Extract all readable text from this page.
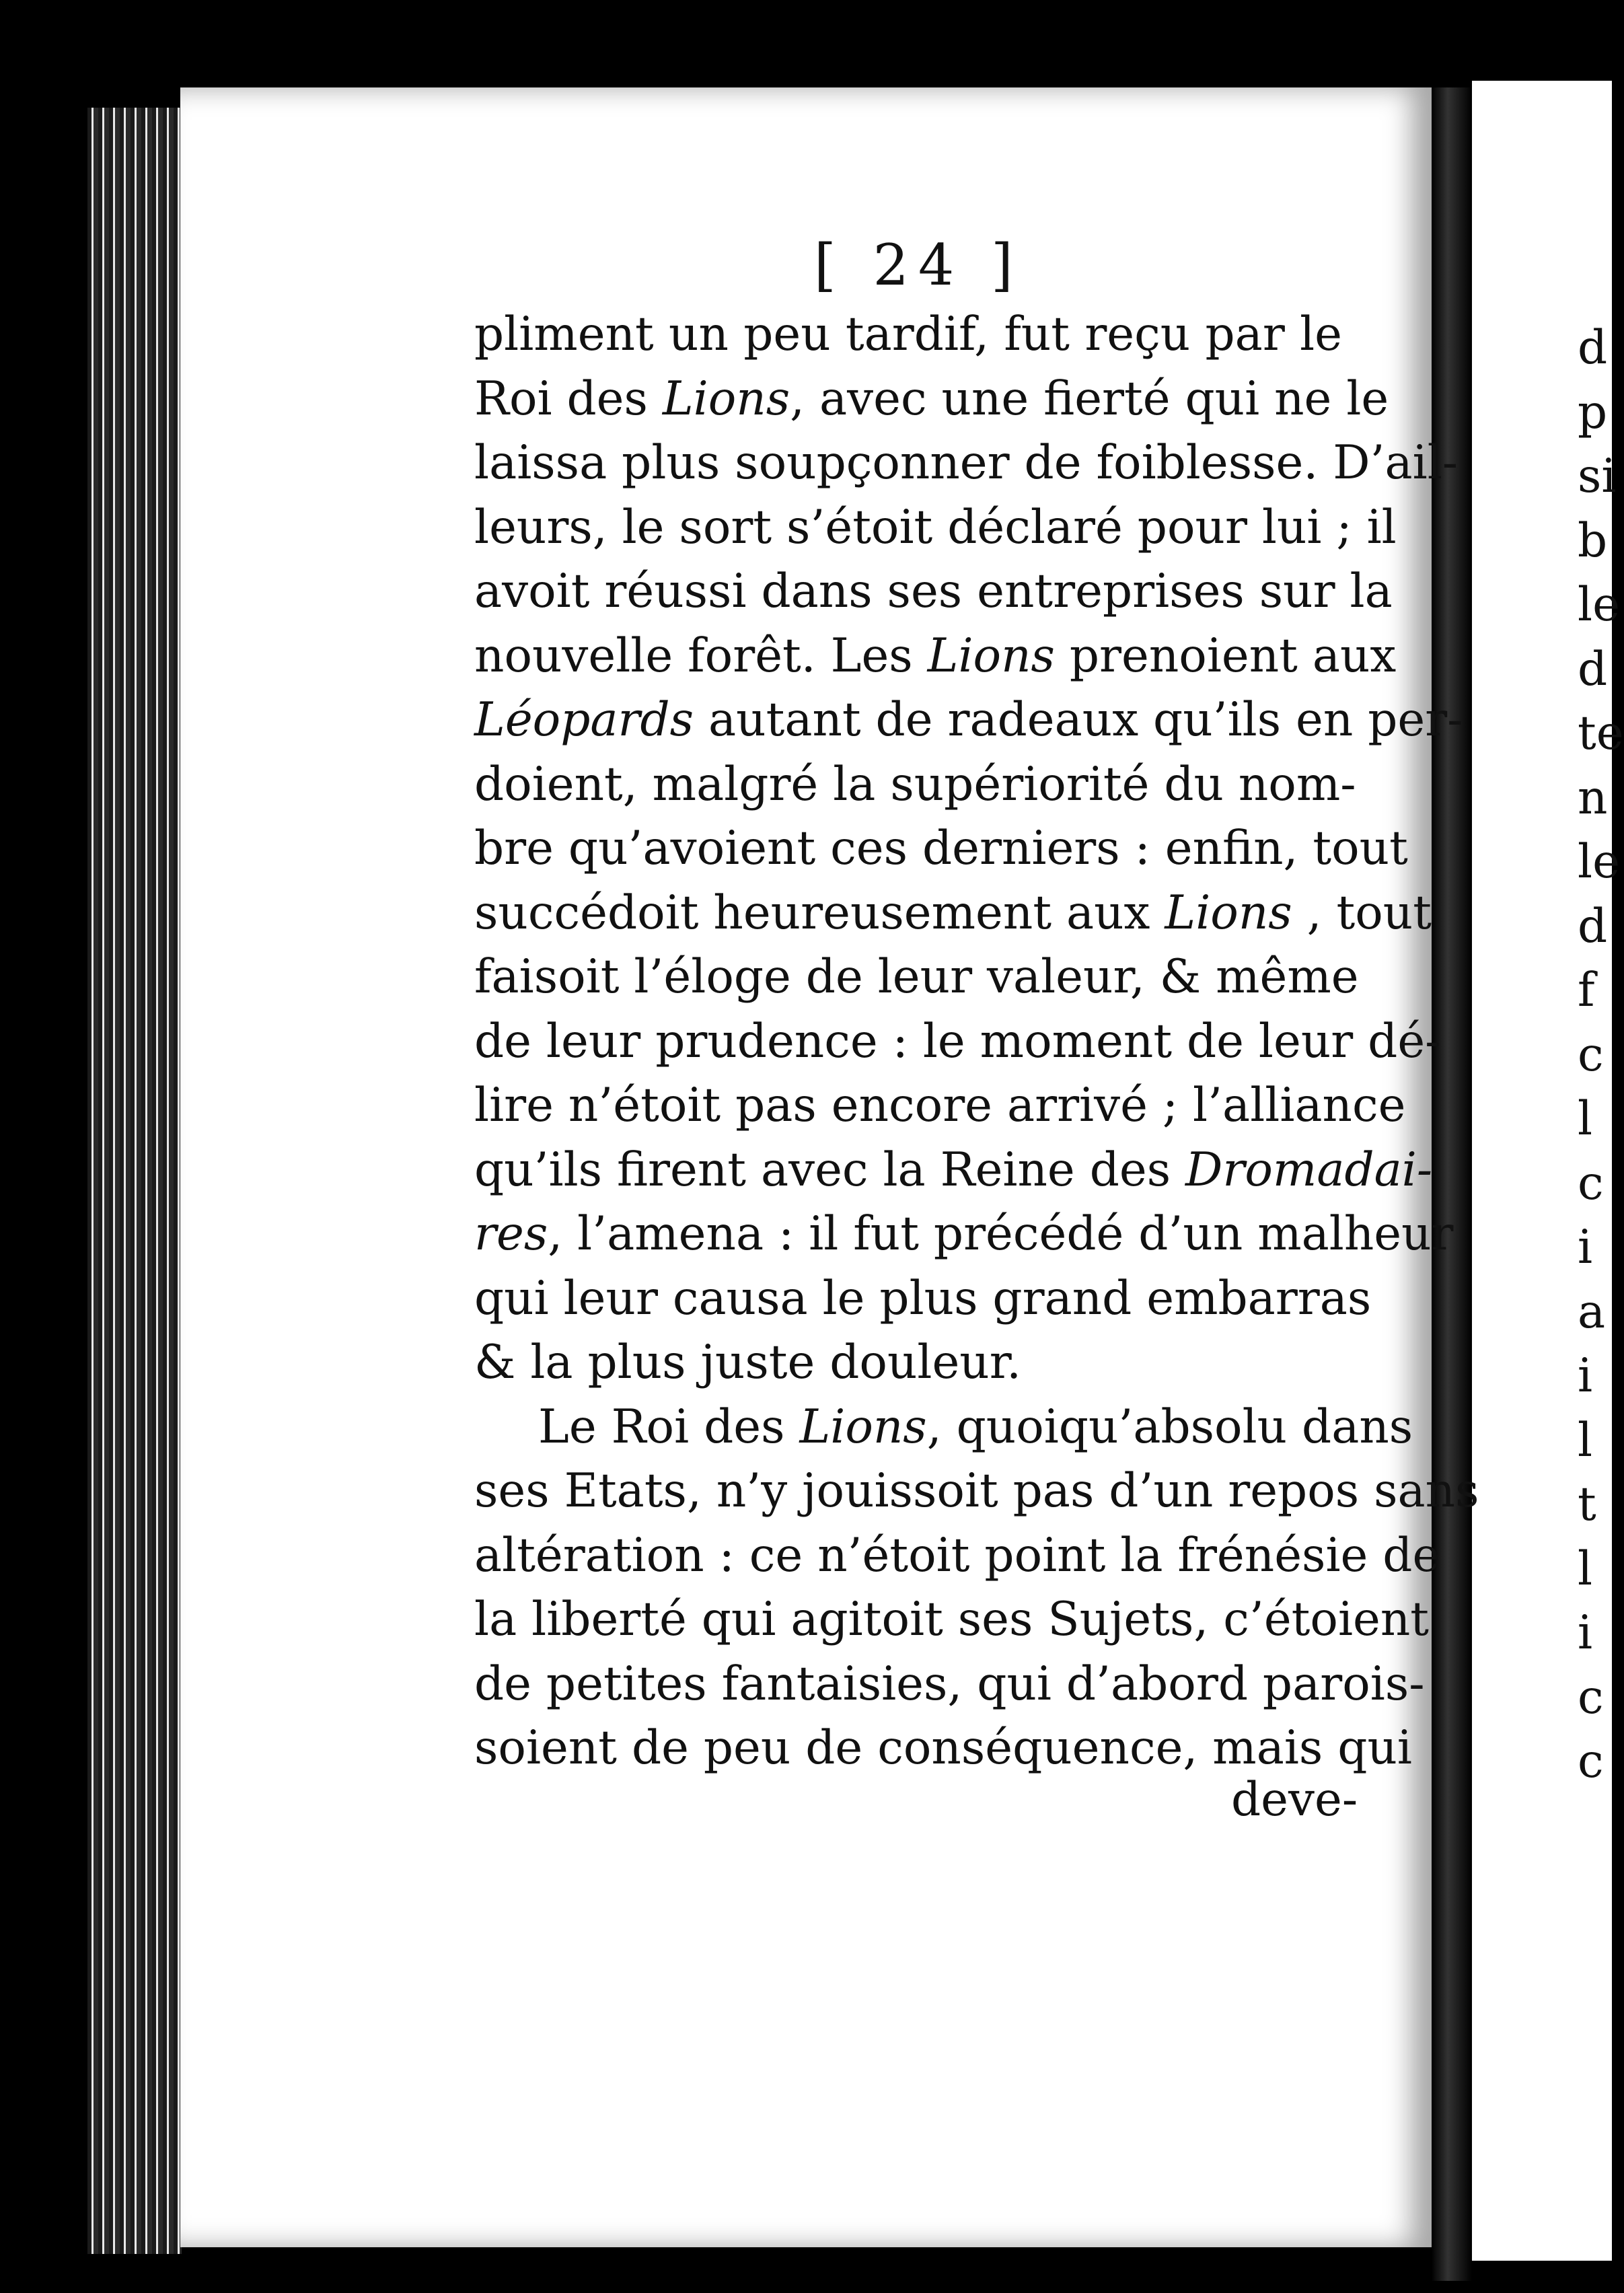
[ 24 ]
pliment un peu tardif, fut reçu par le
Roi des Lions, avec une fierté qui ne le
laissa plus soupçonner de foiblesse. D’ail-
leurs, le sort s’étoit déclaré pour lui ; il
avoit réussi dans ses entreprises sur la
nouvelle forêt. Les Lions prenoient aux
Léopards autant de radeaux qu’ils en per-
doient, malgré la supériorité du nom-
bre qu’avoient ces derniers : enfin, tout
succédoit heureusement aux Lions , tout
faisoit l’éloge de leur valeur, & même
de leur prudence : le moment de leur dé-
lire n’étoit pas encore arrivé ; l’alliance
qu’ils firent avec la Reine des Dromadai-
res, l’amena : il fut précédé d’un malheur
qui leur causa le plus grand embarras
& la plus juste douleur.
Le Roi des Lions, quoiqu’absolu dans
ses Etats, n’y jouissoit pas d’un repos sans
altération : ce n’étoit point la frénésie de
la liberté qui agitoit ses Sujets, c’étoient
de petites fantaisies, qui d’abord parois-
soient de peu de conséquence, mais qui
deve-
d
p
si
b
le
d
te
n
le
d
f
c
l
c
i
a
i
l
t
l
i
c
c
